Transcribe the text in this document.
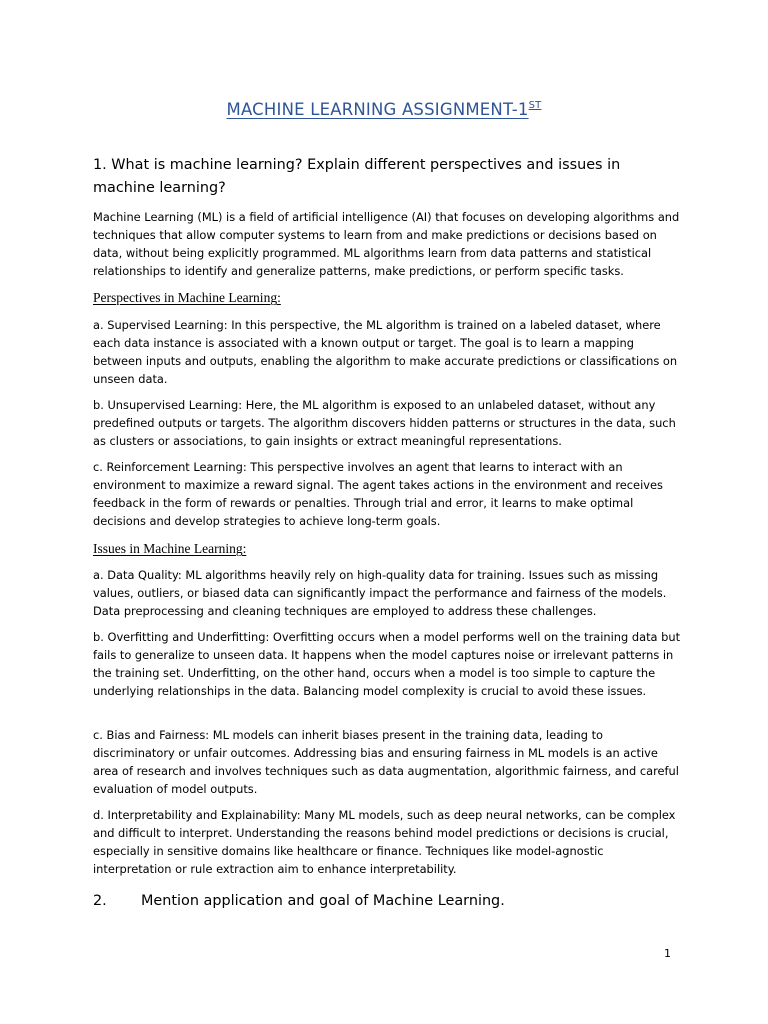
MACHINE LEARNING ASSIGNMENT-1ST
1. What is machine learning? Explain different perspectives and issues in machine learning?
Machine Learning (ML) is a field of artificial intelligence (AI) that focuses on developing algorithms and techniques that allow computer systems to learn from and make predictions or decisions based on data, without being explicitly programmed. ML algorithms learn from data patterns and statistical relationships to identify and generalize patterns, make predictions, or perform specific tasks.
Perspectives in Machine Learning:
a. Supervised Learning: In this perspective, the ML algorithm is trained on a labeled dataset, where each data instance is associated with a known output or target. The goal is to learn a mapping between inputs and outputs, enabling the algorithm to make accurate predictions or classifications on unseen data.
b. Unsupervised Learning: Here, the ML algorithm is exposed to an unlabeled dataset, without any predefined outputs or targets. The algorithm discovers hidden patterns or structures in the data, such as clusters or associations, to gain insights or extract meaningful representations.
c. Reinforcement Learning: This perspective involves an agent that learns to interact with an environment to maximize a reward signal. The agent takes actions in the environment and receives feedback in the form of rewards or penalties. Through trial and error, it learns to make optimal decisions and develop strategies to achieve long-term goals.
Issues in Machine Learning:
a. Data Quality: ML algorithms heavily rely on high-quality data for training. Issues such as missing values, outliers, or biased data can significantly impact the performance and fairness of the models. Data preprocessing and cleaning techniques are employed to address these challenges.
b. Overfitting and Underfitting: Overfitting occurs when a model performs well on the training data but fails to generalize to unseen data. It happens when the model captures noise or irrelevant patterns in the training set. Underfitting, on the other hand, occurs when a model is too simple to capture the underlying relationships in the data. Balancing model complexity is crucial to avoid these issues.
c. Bias and Fairness: ML models can inherit biases present in the training data, leading to discriminatory or unfair outcomes. Addressing bias and ensuring fairness in ML models is an active area of research and involves techniques such as data augmentation, algorithmic fairness, and careful evaluation of model outputs.
d. Interpretability and Explainability: Many ML models, such as deep neural networks, can be complex and difficult to interpret. Understanding the reasons behind model predictions or decisions is crucial, especially in sensitive domains like healthcare or finance. Techniques like model-agnostic interpretation or rule extraction aim to enhance interpretability.
2.	Mention application and goal of Machine Learning.
1
